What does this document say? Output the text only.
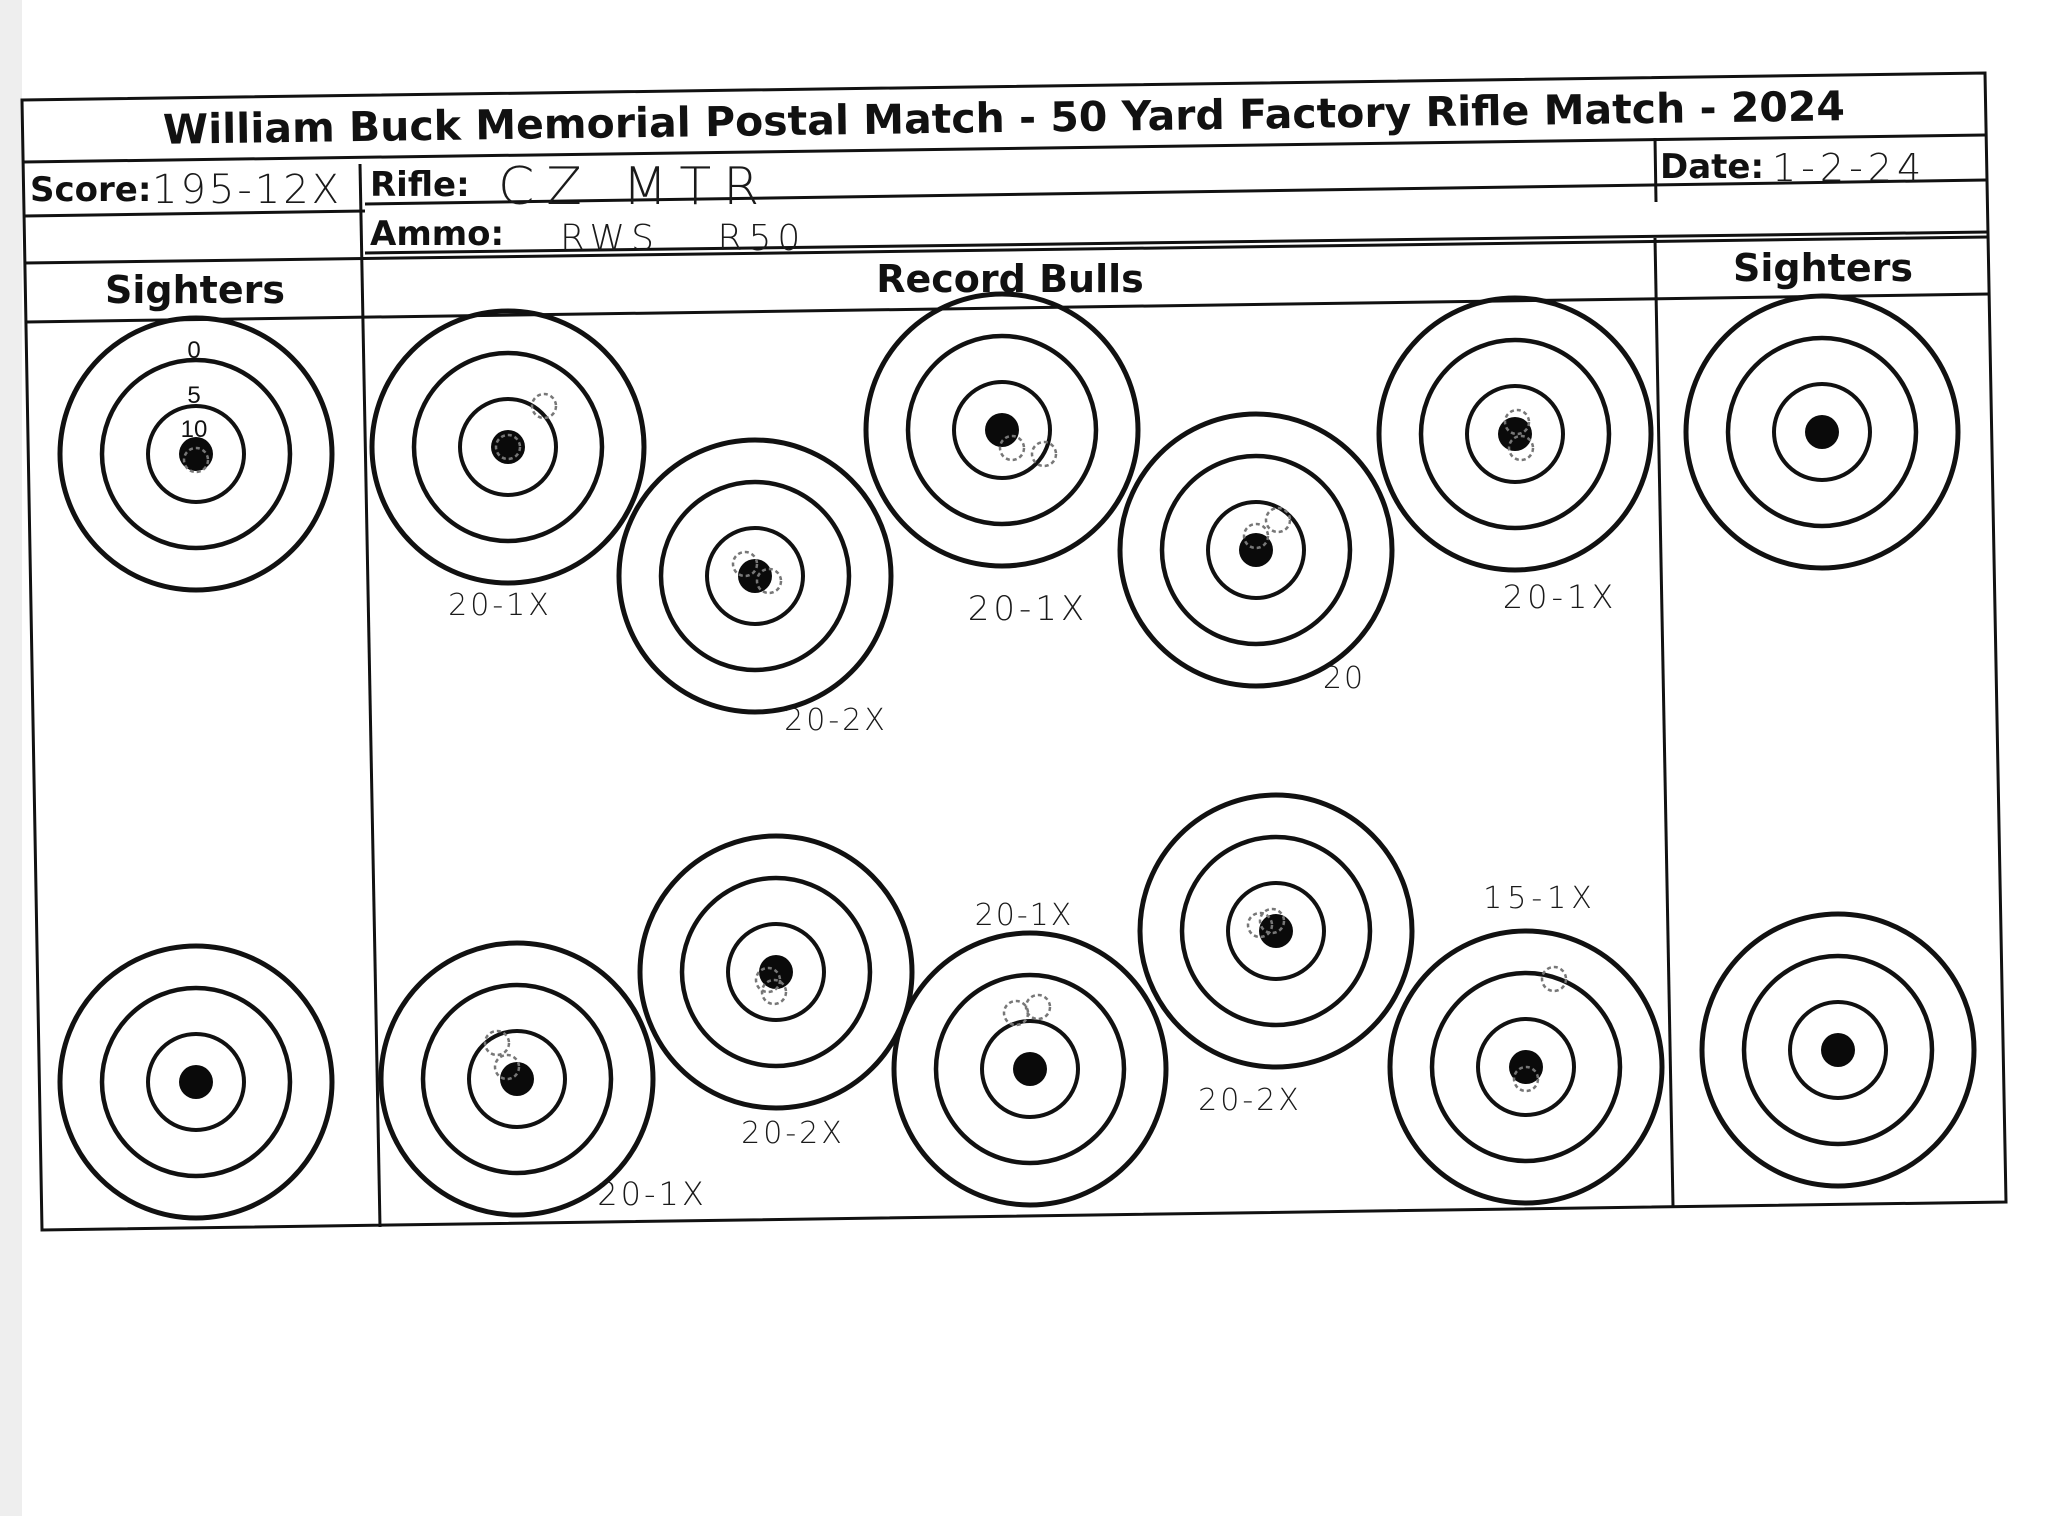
William Buck Memorial Postal Match - 50 Yard Factory Rifle Match - 2024
Score: 195-12X Rifle: CZ MTR
Ammo: RWS R50
Date: 1-2-24
Sighters	Record Bulls	Sighters
0
5
10
20-1X
20-2X
20-1X
20
20-1X
20-1X
20-2X
20-1X
20-2X
15-1X
